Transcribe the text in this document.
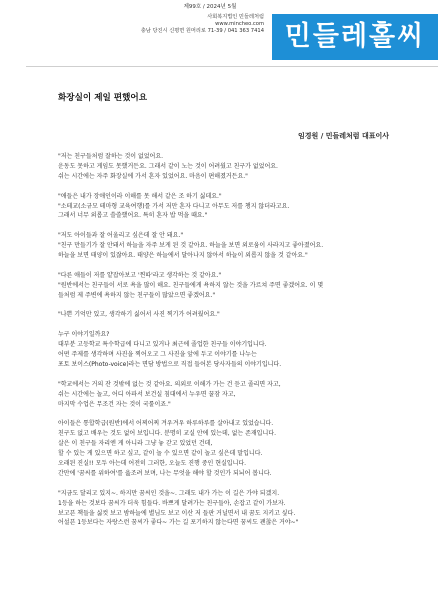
제99호 / 2024년 5월
사회복지법인 민들레처럼
www.mincheo.com
충남 당진시 신평면 원머리로 71-39 / 041 363 7414 민들레홀씨
화장실이 제일 편했어요
임경원 / 민들레처럼 대표이사
"저는 친구들처럼 잘하는 것이 없었어요.
운동도 못하고 게임도 못했거든요. 그래서 같이 노는 것이 어려웠고 친구가 없었어요.
쉬는 시간에는 자주 화장실에 가서 혼자 있었어요. 마음이 편해졌거든요."
"애들은 내가 장애인이라 이해를 못 해서 같은 조 하기 싫데요."
"소테교(소규모 테마형 교육여행)를 가서 저만 혼자 다니고 아무도 저를 챙지 않더라고요.
그래서 너무 외롭고 쓸쓸했어요. 특히 혼자 밥 먹을 때요."
"저도 아이들과 잘 어울리고 싶은데 잘 안 돼요."
"친구 만들기가 잘 안돼서 하늘을 자주 보게 된 것 같아요. 하늘을 보면 외로움이 사라지고 좋아졌어요.
하늘을 보면 태양이 있잖아요. 태양은 하늘에서 달아나지 않아서 하늘이 외롭지 않을 것 같아요."
"다른 애들이 저를 얕잡아보고 '찐따'라고 생각하는 것 같아요."
"원반에서는 친구들이 서로 욕을 많이 해요. 친구들에게 욕하지 않는 것을 가르쳐 주면 좋겠어요. 이 몇
들처럼 제 주변에 욕하지 않는 친구들이 많았으면 좋겠어요."
"나쁜 기억만 있고, 생각하기 싫어서 사진 찍기가 어려웠어요."
누구 이야기일까요?
대부분 고등학교 특수학급에 다니고 있거나 최근에 졸업한 친구들 이야기입니다.
어떤 주제를 생각하며 사진을 찍어오고 그 사진을 앞에 두고 이야기를 나누는
포토 보이스(Photo-voice)라는 면담 방법으로 직접 들어본 당사자들의 이야기입니다.
"학교에서는 거의 잔 것밖에 없는 것 같아요. 의외로 이해가 가는 건 듣고 졸리면 자고,
쉬는 시간에는 놀고, 어디 아파서 보건실 침대에서 누우면 꿀잠 자고,
마지막 수업은 무조건 자는 것이 국룰이죠."
아이들은 통합학급(원반)에서 어찌어찌 겨우겨우 하루하루를 살아내고 있었습니다.
친구도 없고 배우는 것도 없어 보입니다. 분명히 교실 안에 있는데, 없는 존재입니다.
살은 이 친구들 자리엔 게 아니라 그냥 놓 갇고 있었던 건데,
할 수 있는 게 있으면 하고 싶고, 같이 놀 수 있으면 같이 놀고 싶은데 말입니다.
오래된 진실!! 모두 아는데 어전히 그러한, 오늘도 진행 중인 현실입니다.
간만에 '꿈씨를 위하여'를 읊조려 보며, 나는 무엇을 해야 할 것인가 되뇌어 봅니다.
"지금도 달리고 있지~. 하지만 꿈씨인 것을~. 그래도 내가 가는 이 길은 가야 되겠지.
1등을 하는 것보다 꿈씨가 더욱 힘들다. 바쁘게 달려가는 친구들아, 손잡고 같이 가보자.
보고픈 책들을 싫컷 보고 밤하늘에 별님도 보고 이산 저 들판 거닐면서 내 꿈도 지키고 싶다.
어설픈 1등보다는 자랑스런 꿈씨가 좋다~ 가는 길 포기하지 않는다면 꿈씨도 괜찮은 거야~"
